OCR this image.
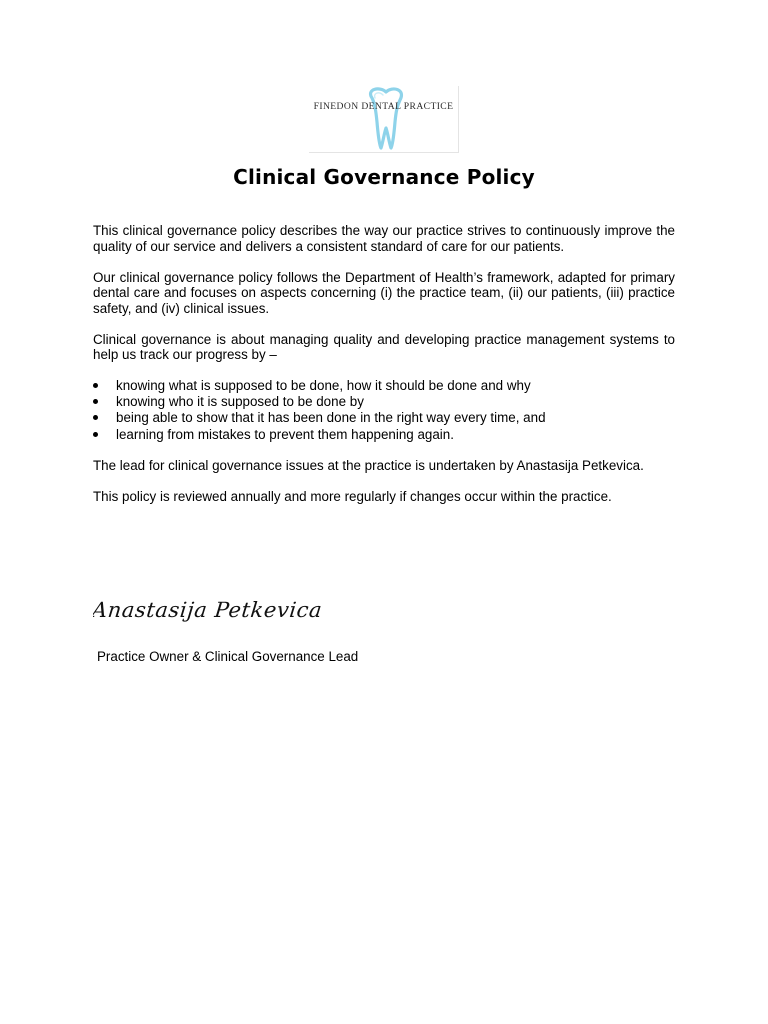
FINEDON DENTAL PRACTICE
Clinical Governance Policy

This clinical governance policy describes the way our practice strives to continuously improve the quality of our service and delivers a consistent standard of care for our patients.

Our clinical governance policy follows the Department of Health’s framework, adapted for primary dental care and focuses on aspects concerning (i) the practice team, (ii) our patients, (iii) practice safety, and (iv) clinical issues.

Clinical governance is about managing quality and developing practice management systems to help us track our progress by –

knowing what is supposed to be done, how it should be done and why
knowing who it is supposed to be done by
being able to show that it has been done in the right way every time, and
learning from mistakes to prevent them happening again.

The lead for clinical governance issues at the practice is undertaken by Anastasija Petkevica.

This policy is reviewed annually and more regularly if changes occur within the practice.

Anastasija Petkevica
Practice Owner & Clinical Governance Lead
